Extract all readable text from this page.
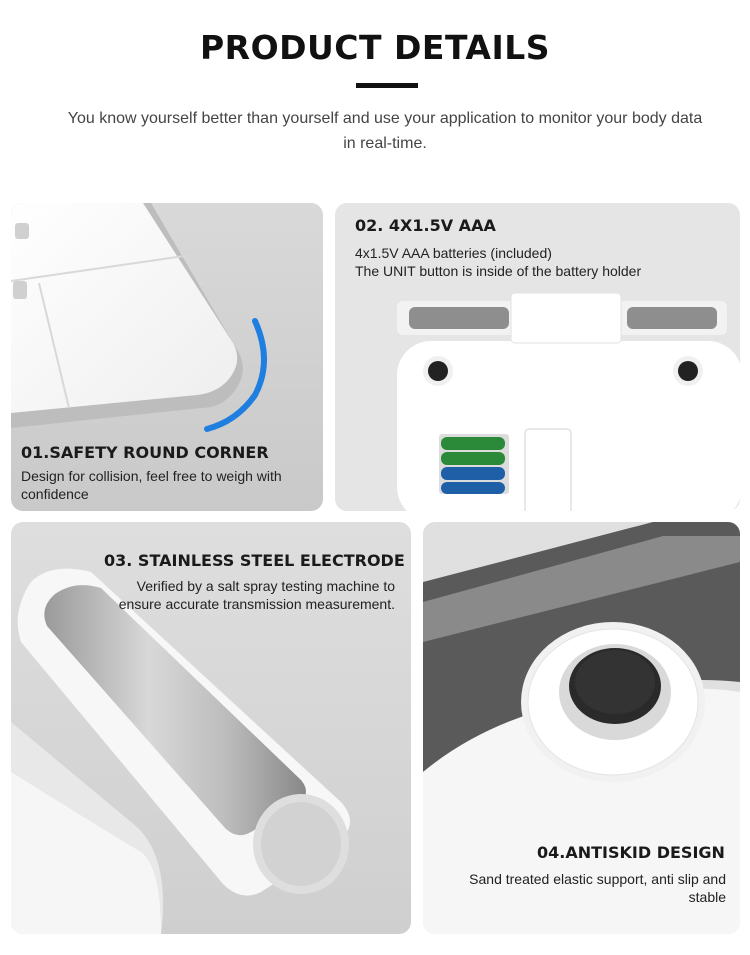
PRODUCT DETAILS
You know yourself better than yourself and use your application to monitor your body data in real-time.
01.SAFETY ROUND CORNER
Design for collision, feel free to weigh with confidence
02. 4X1.5V AAA
4x1.5V AAA batteries (included)
The UNIT button is inside of the battery holder
03. STAINLESS STEEL ELECTRODE
Verified by a salt spray testing machine to ensure accurate transmission measurement.
04.ANTISKID DESIGN
Sand treated elastic support, anti slip and stable
